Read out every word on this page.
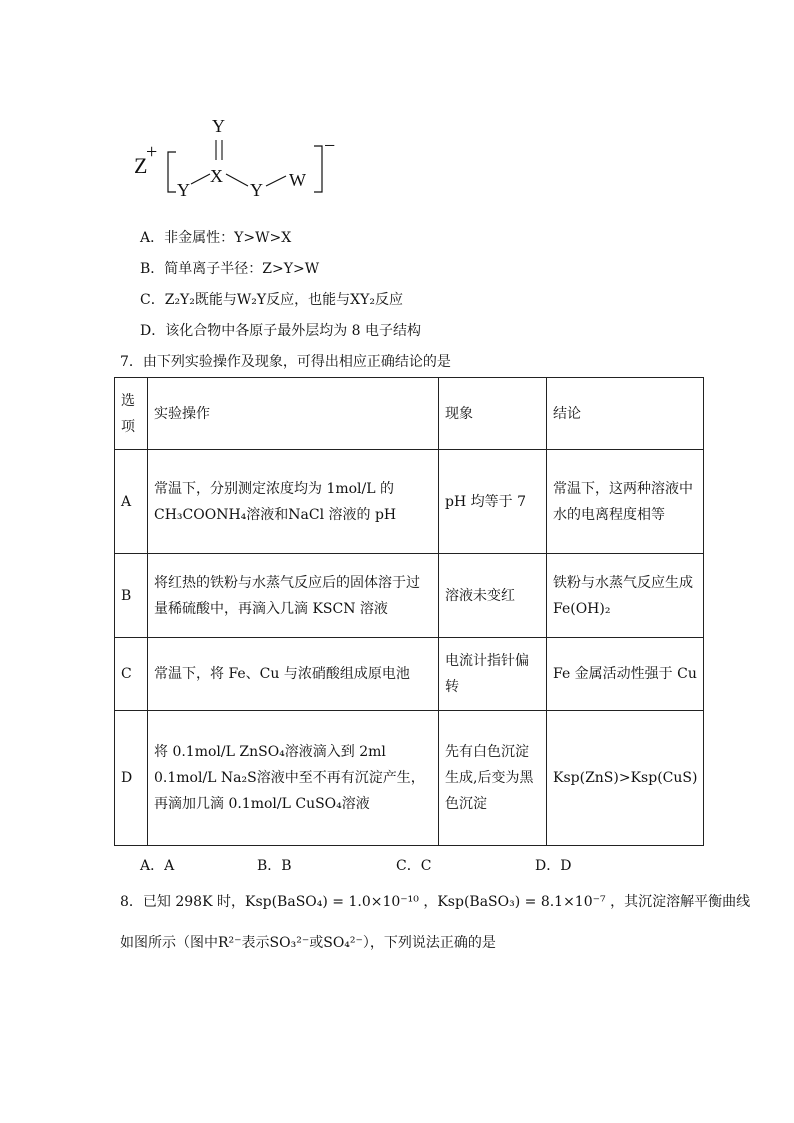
Z
+
Y
X
Y	Y W
−
A．非金属性：Y>W>X
B．简单离子半径：Z>Y>W
C．Z₂Y₂既能与W₂Y反应，也能与XY₂反应
D．该化合物中各原子最外层均为 8 电子结构
7．由下列实验操作及现象，可得出相应正确结论的是
选项	实验操作	现象	结论
A	常温下，分别测定浓度均为 1mol/L 的 CH₃COONH₄溶液和NaCl 溶液的 pH	pH 均等于 7	常温下，这两种溶液中水的电离程度相等
B	将红热的铁粉与水蒸气反应后的固体溶于过量稀硫酸中，再滴入几滴 KSCN 溶液	溶液未变红	铁粉与水蒸气反应生成Fe(OH)₂
C	常温下，将 Fe、Cu 与浓硝酸组成原电池	电流计指针偏转	Fe 金属活动性强于 Cu
D	将 0.1mol/L ZnSO₄溶液滴入到 2ml 0.1mol/L Na₂S溶液中至不再有沉淀产生，再滴加几滴 0.1mol/L CuSO₄溶液	先有白色沉淀生成,后变为黑色沉淀	Ksp(ZnS)>Ksp(CuS)
A．A	B．B	C．C	D．D
8．已知 298K 时，Ksp(BaSO₄) = 1.0×10⁻¹⁰ ，Ksp(BaSO₃) = 8.1×10⁻⁷ ，其沉淀溶解平衡曲线
如图所示（图中R²⁻表示SO₃²⁻或SO₄²⁻），下列说法正确的是
